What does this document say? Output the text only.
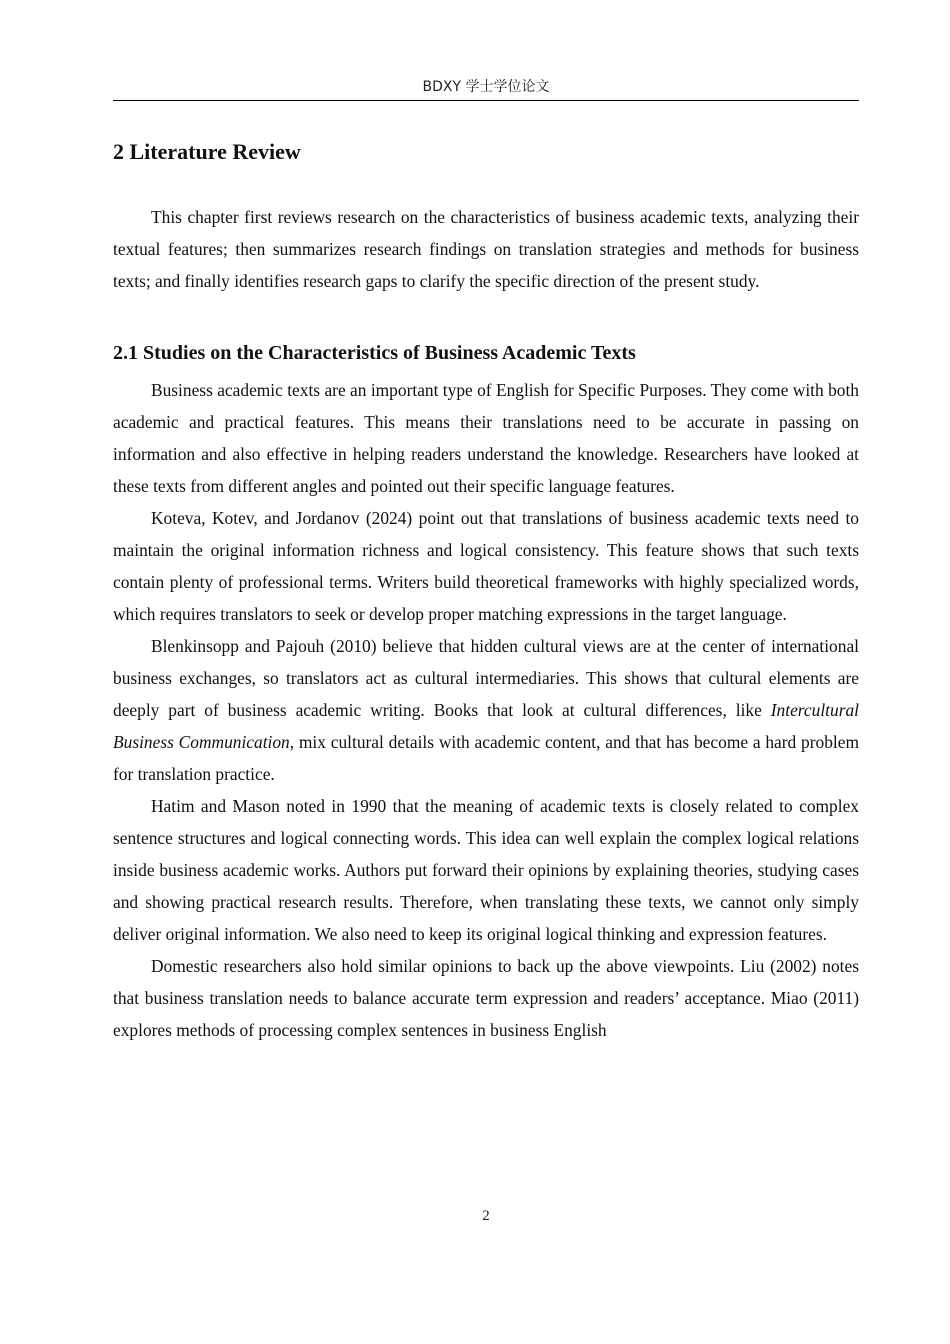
BDXY 学士学位论文
2 Literature Review

This chapter first reviews research on the characteristics of business academic texts, analyzing their textual features; then summarizes research findings on translation strategies and methods for business texts; and finally identifies research gaps to clarify the specific direction of the present study.

2.1 Studies on the Characteristics of Business Academic Texts

Business academic texts are an important type of English for Specific Purposes. They come with both academic and practical features. This means their translations need to be accurate in passing on information and also effective in helping readers understand the knowledge. Researchers have looked at these texts from different angles and pointed out their specific language features.

Koteva, Kotev, and Jordanov (2024) point out that translations of business academic texts need to maintain the original information richness and logical consistency. This feature shows that such texts contain plenty of professional terms. Writers build theoretical frameworks with highly specialized words, which requires translators to seek or develop proper matching expressions in the target language.

Blenkinsopp and Pajouh (2010) believe that hidden cultural views are at the center of international business exchanges, so translators act as cultural intermediaries. This shows that cultural elements are deeply part of business academic writing. Books that look at cultural differences, like Intercultural Business Communication, mix cultural details with academic content, and that has become a hard problem for translation practice.

Hatim and Mason noted in 1990 that the meaning of academic texts is closely related to complex sentence structures and logical connecting words. This idea can well explain the complex logical relations inside business academic works. Authors put forward their opinions by explaining theories, studying cases and showing practical research results. Therefore, when translating these texts, we cannot only simply deliver original information. We also need to keep its original logical thinking and expression features.

Domestic researchers also hold similar opinions to back up the above viewpoints. Liu (2002) notes that business translation needs to balance accurate term expression and readers’ acceptance. Miao (2011) explores methods of processing complex sentences in business English

2
